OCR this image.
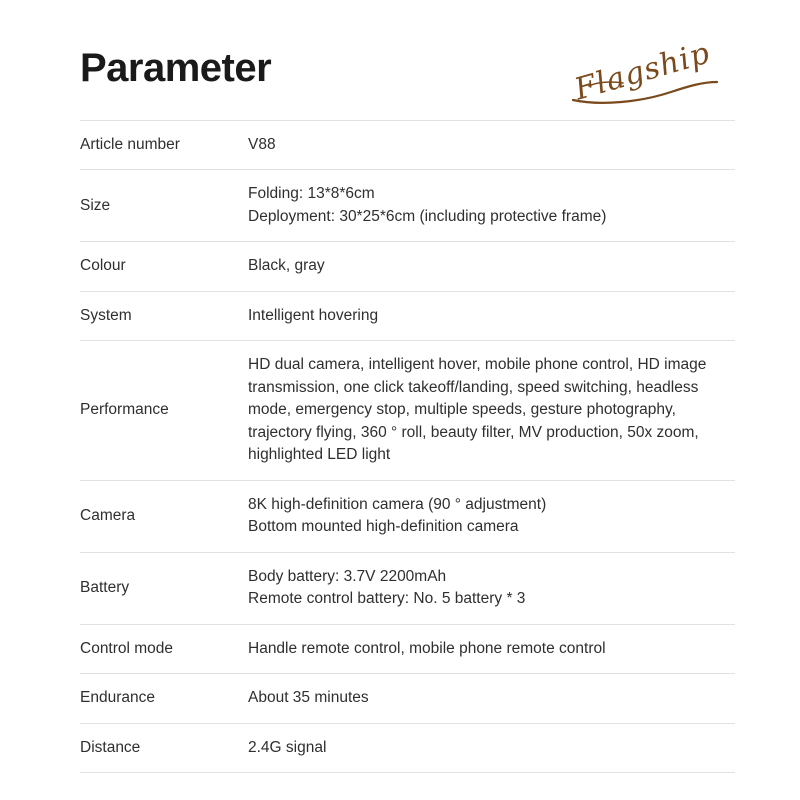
Parameter	Flagship
Article number	V88

Size	Folding: 13*8*6cm
Deployment: 30*25*6cm (including protective frame)

Colour	Black, gray

System	Intelligent hovering

Performance	HD dual camera, intelligent hover, mobile phone control, HD image transmission, one click takeoff/landing, speed switching, headless mode, emergency stop, multiple speeds, gesture photography, trajectory flying, 360 ° roll, beauty filter, MV production, 50x zoom, highlighted LED light

Camera	8K high-definition camera (90 ° adjustment)
Bottom mounted high-definition camera

Battery	Body battery: 3.7V 2200mAh
Remote control battery: No. 5 battery * 3

Control mode	Handle remote control, mobile phone remote control

Endurance	About 35 minutes

Distance	2.4G signal
